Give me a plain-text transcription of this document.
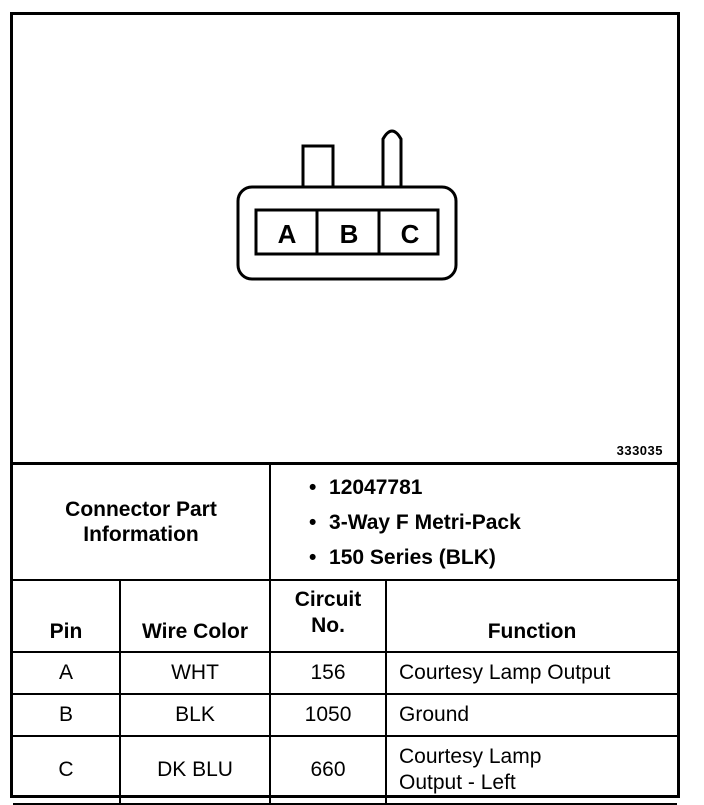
A B C
333035
Connector Part Information		• 12047781
• 3-Way F Metri-Pack
• 150 Series (BLK)	

Pin	Wire Color	Circuit No.	Function
A	WHT	156	Courtesy Lamp Output
B	BLK	1050	Ground
C	DK BLU	660	Courtesy Lamp Output - Left
